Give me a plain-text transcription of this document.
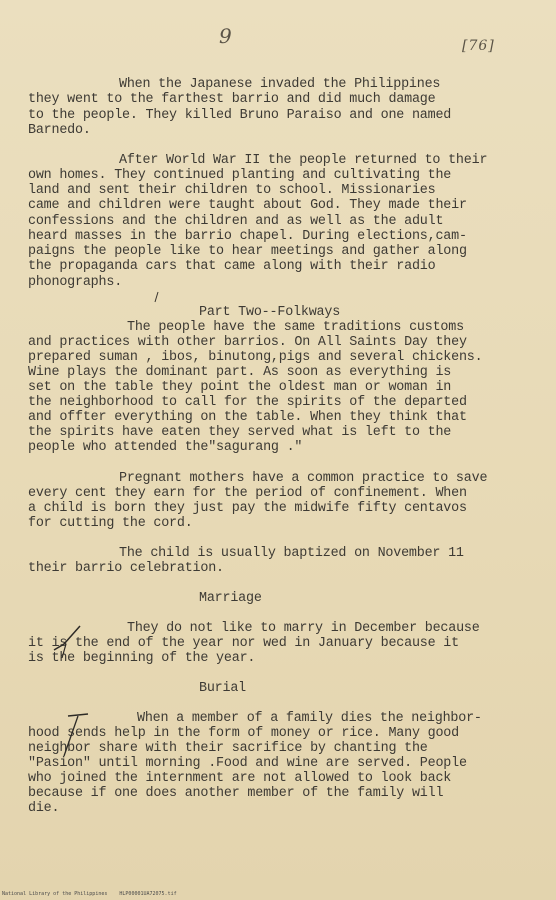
9	[76]
When the Japanese invaded the Philippines
they went to the farthest barrio and did much damage
to the people. They killed Bruno Paraiso and one named
Barnedo.
After World War II the people returned to their
own homes. They continued planting and cultivating the
land and sent their children to school. Missionaries
came and children were taught about God. They made their
confessions and the children and as well as the adult
heard masses in the barrio chapel. During elections,cam-
paigns the people like to hear meetings and gather along
the propaganda cars that came along with their radio
phonographs.
Part Two--Folkways
The people have the same traditions customs
and practices with other barrios. On All Saints Day they
prepared suman , ibos, binutong,pigs and several chickens.
Wine plays the dominant part. As soon as everything is
set on the table they point the oldest man or woman in
the neighborhood to call for the spirits of the departed
and offter everything on the table. When they think that
the spirits have eaten they served what is left to the
people who attended the"sagurang ."
Pregnant mothers have a common practice to save
every cent they earn for the period of confinement. When
a child is born they just pay the midwife fifty centavos
for cutting the cord.
The child is usually baptized on November 11
their barrio celebration.
Marriage
They do not like to marry in December because
it is the end of the year nor wed in January because it
is the beginning of the year.
Burial
When a member of a family dies the neighbor-
hood sends help in the form of money or rice. Many good
neighbor share with their sacrifice by chanting the
"Pasion" until morning .Food and wine are served. People
who joined the internment are not allowed to look back
because if one does another member of the family will
die.
National Library of the Philippines    HLP00001UA72075.tif
